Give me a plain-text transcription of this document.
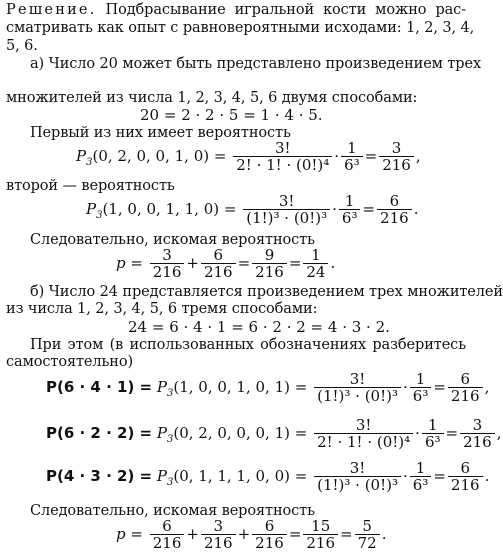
Решение. Подбрасывание игральной кости можно рас-
сматривать как опыт с равновероятными исходами: 1, 2, 3, 4,
5, 6.
а) Число 20 может быть представлено произведением трех
множителей из числа 1, 2, 3, 4, 5, 6 двумя способами:
20 = 2 · 2 · 5 = 1 · 4 · 5.
Первый из них имеет вероятность
$P_3(0$, 2, 0, 0, 1, $0) = \frac{3!}{\text{2! · 1! · (0!)⁴}} \cdot \frac{1}{\text{6³}} = \frac{3}{216}$ ,
второй — вероятность
$P_3(1$, 0, 0, 1, 1, $0) = \frac{3!}{\text{(1!)³ · (0!)³}} \cdot \frac{1}{\text{6³}} = \frac{6}{216}$ .
Следовательно, искомая вероятность
$p = \frac{3}{216} + \frac{6}{216} = \frac{9}{216} = \frac{1}{24}$ .
б) Число 24 представляется произведением трех множителей
из числа 1, 2, 3, 4, 5, 6 тремя способами:
24 = 6 · 4 · 1 = 6 · 2 · 2 = 4 · 3 · 2.
При этом (в использованных обозначениях разберитесь
самостоятельно)
$P(6 \cdot 4 \cdot 1) = P_3(1$, 0, 0, 1, 0, $1) = \frac{3!}{\text{(1!)³ · (0!)³}} \cdot \frac{1}{\text{6³}} = \frac{6}{216}$ ,
$P(6 \cdot 2 \cdot 2) = P_3(0$, 2, 0, 0, 0, $1) = \frac{3!}{\text{2! · 1! · (0!)⁴}} \cdot \frac{1}{\text{6³}} = \frac{3}{216}$ ,
$P(4 \cdot 3 \cdot 2) = P_3(0$, 1, 1, 1, 0, $0) = \frac{3!}{\text{(1!)³ · (0!)³}} \cdot \frac{1}{\text{6³}} = \frac{6}{216}$ .
Следовательно, искомая вероятность
$p = \frac{6}{216} + \frac{3}{216} + \frac{6}{216} = \frac{15}{216} = \frac{5}{72}$ .
